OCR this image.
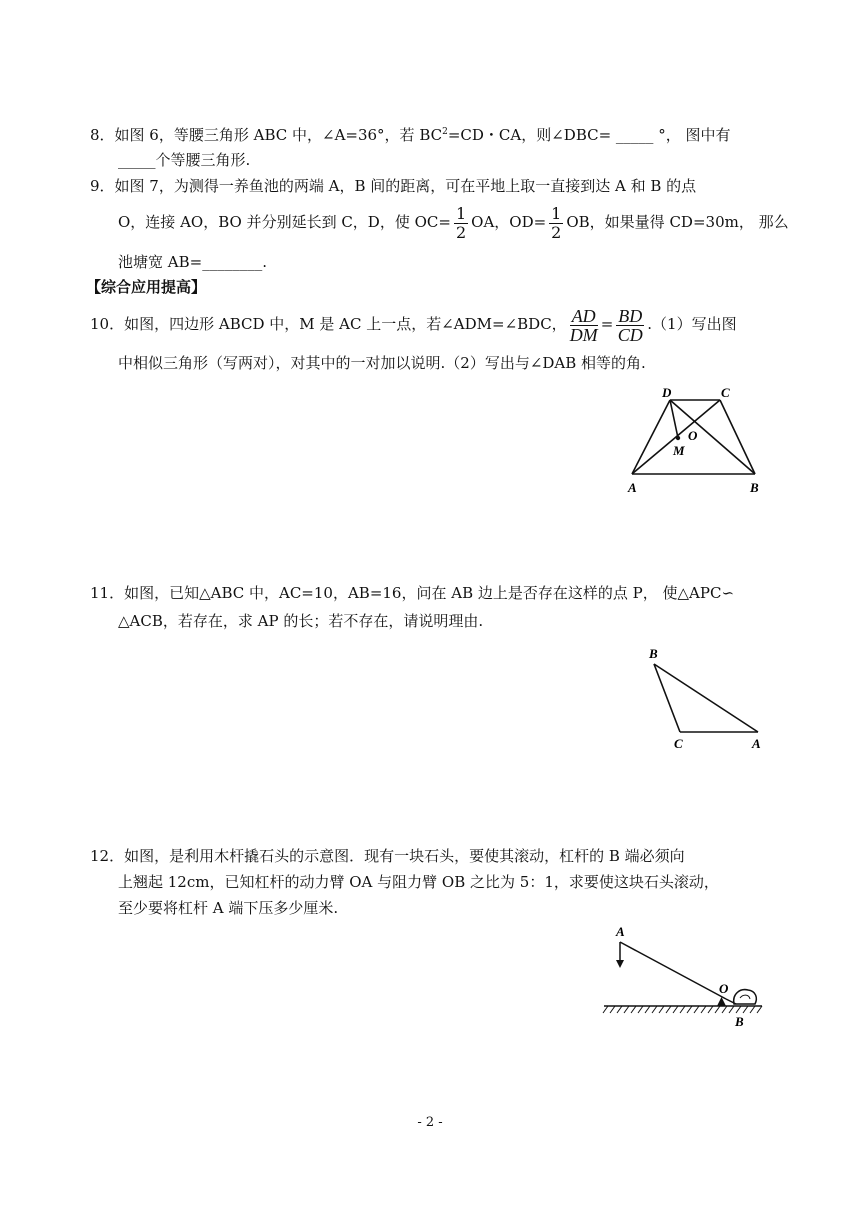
8．如图 6，等腰三角形 ABC 中，∠A=36°，若 $BC^2=CD$・CA，则∠DBC= _____ °， 图中有
_____个等腰三角形.
9．如图 7，为测得一养鱼池的两端 A，B 间的距离，可在平地上取一直接到达 A 和 B 的点
O，连接 AO，BO 并分别延长到 C，D，使 $OC= \frac{1}{2}$ OA，$OD= \frac{1}{2}$ OB，如果量得 CD=30m， 那么
池塘宽 AB=________.
【综合应用提高】
10．如图，四边形 ABCD 中，M 是 AC 上一点，若∠ADM=∠BDC， $\frac{AD}{DM} = \frac{BD}{CD} .(1)$写出图
中相似三角形（写两对），对其中的一对加以说明.（2）写出与∠DAB 相等的角.
D	C
O
M
A	B
11．如图，已知△ABC 中，AC=10，AB=16，问在 AB 边上是否存在这样的点 P， 使△APC∽
△ACB，若存在，求 AP 的长；若不存在，请说明理由.
B
C	A
12．如图，是利用木杆撬石头的示意图．现有一块石头，要使其滚动，杠杆的 B 端必须向
上翘起 12cm，已知杠杆的动力臂 OA 与阻力臂 OB 之比为 5：1，求要使这块石头滚动，
至少要将杠杆 A 端下压多少厘米.
A
O
B
- 2 -
